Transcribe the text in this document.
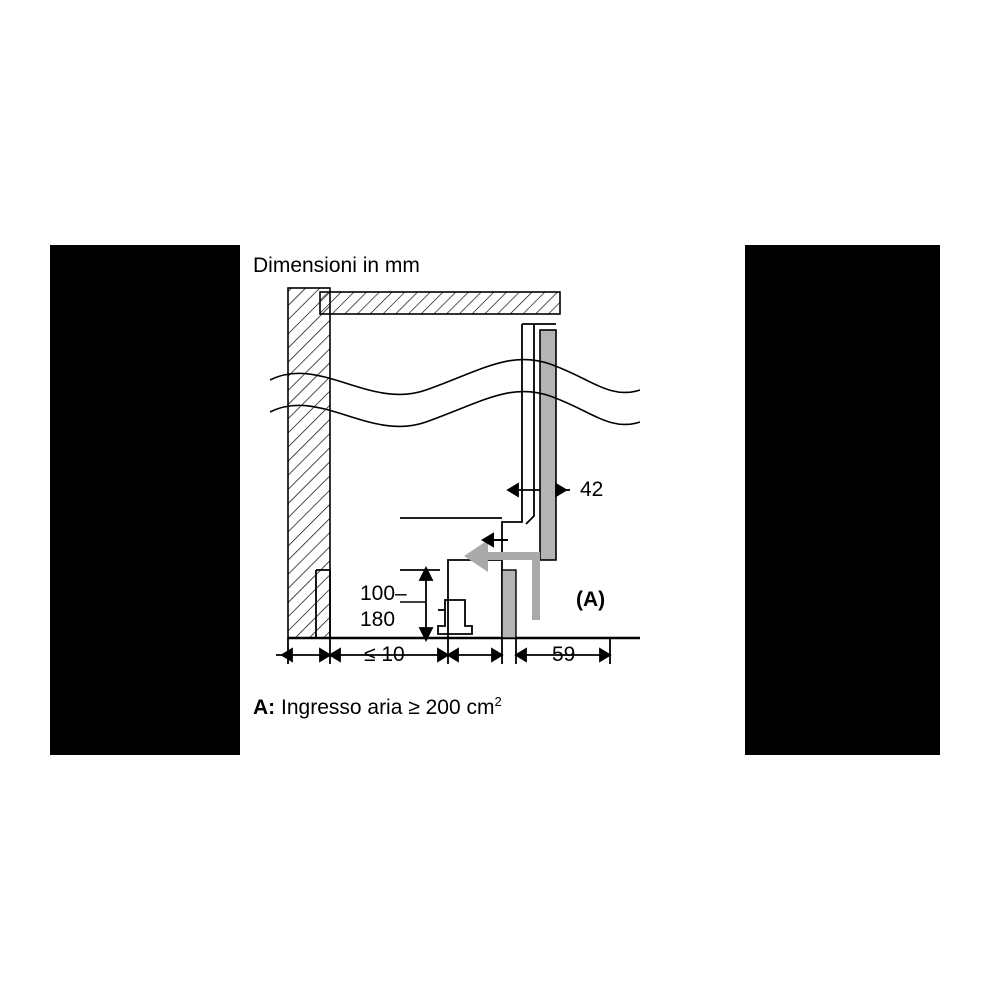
Dimensioni in mm
42
100–
180
≤ 10	59
(A)
A: Ingresso aria ≥ 200 $cm^2$
